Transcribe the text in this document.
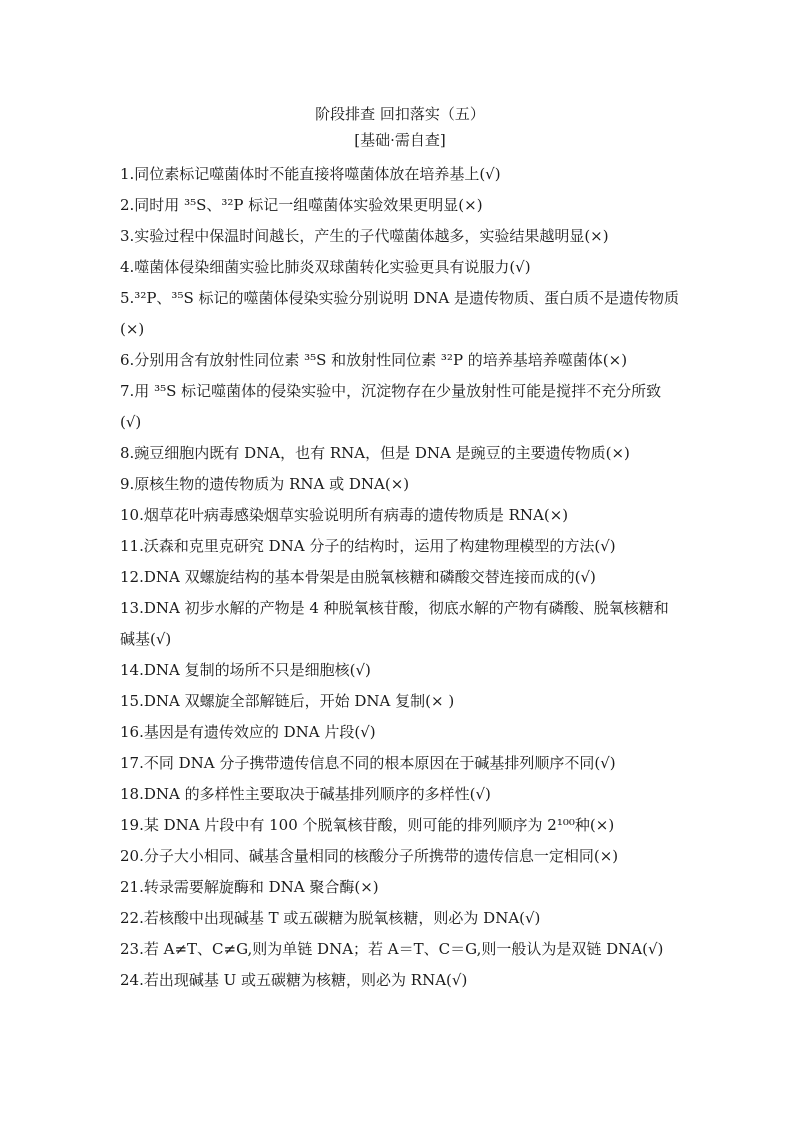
阶段排查 回扣落实（五）
[基础·需自查]
1.同位素标记噬菌体时不能直接将噬菌体放在培养基上(√)
2.同时用 ³⁵S、³²P 标记一组噬菌体实验效果更明显(×)
3.实验过程中保温时间越长，产生的子代噬菌体越多，实验结果越明显(×)
4.噬菌体侵染细菌实验比肺炎双球菌转化实验更具有说服力(√)
5.³²P、³⁵S 标记的噬菌体侵染实验分别说明 DNA 是遗传物质、蛋白质不是遗传物质(×)
6.分别用含有放射性同位素 ³⁵S 和放射性同位素 ³²P 的培养基培养噬菌体(×)
7.用 ³⁵S 标记噬菌体的侵染实验中，沉淀物存在少量放射性可能是搅拌不充分所致(√)
8.豌豆细胞内既有 DNA，也有 RNA，但是 DNA 是豌豆的主要遗传物质(×)
9.原核生物的遗传物质为 RNA 或 DNA(×)
10.烟草花叶病毒感染烟草实验说明所有病毒的遗传物质是 RNA(×)
11.沃森和克里克研究 DNA 分子的结构时，运用了构建物理模型的方法(√)
12.DNA 双螺旋结构的基本骨架是由脱氧核糖和磷酸交替连接而成的(√)
13.DNA 初步水解的产物是 4 种脱氧核苷酸，彻底水解的产物有磷酸、脱氧核糖和碱基(√)
14.DNA 复制的场所不只是细胞核(√)
15.DNA 双螺旋全部解链后，开始 DNA 复制(× )
16.基因是有遗传效应的 DNA 片段(√)
17.不同 DNA 分子携带遗传信息不同的根本原因在于碱基排列顺序不同(√)
18.DNA 的多样性主要取决于碱基排列顺序的多样性(√)
19.某 DNA 片段中有 100 个脱氧核苷酸，则可能的排列顺序为 2¹⁰⁰种(×)
20.分子大小相同、碱基含量相同的核酸分子所携带的遗传信息一定相同(×)
21.转录需要解旋酶和 DNA 聚合酶(×)
22.若核酸中出现碱基 T 或五碳糖为脱氧核糖，则必为 DNA(√)
23.若 A≠T、C≠G,则为单链 DNA；若 A＝T、C＝G,则一般认为是双链 DNA(√)
24.若出现碱基 U 或五碳糖为核糖，则必为 RNA(√)
